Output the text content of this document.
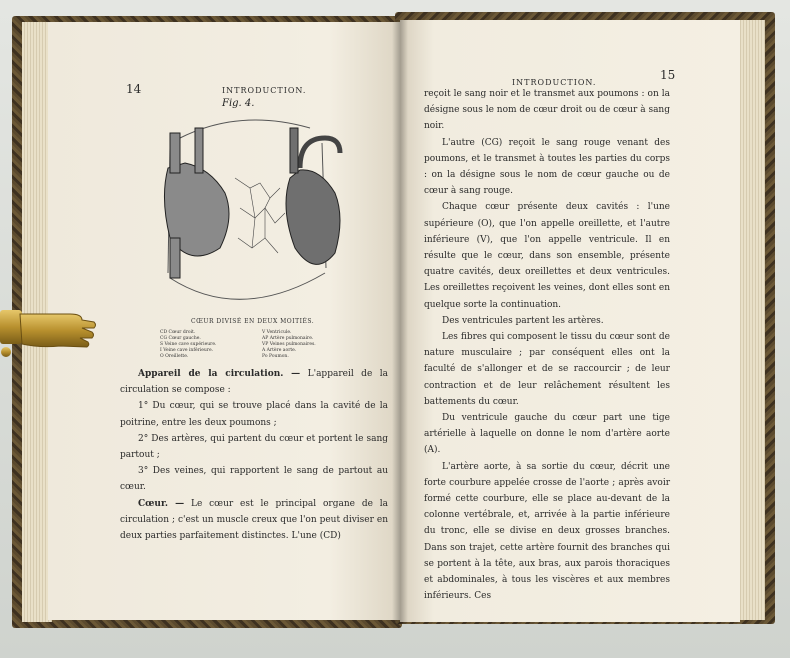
14	INTRODUCTION.
Fig. 4.
CŒUR DIVISÉ EN DEUX MOITIÉS.
CD Cœur droit.
CG Cœur gauche.
S Veine cave supérieure.
I Veine cave inférieure.
O Oreillette.
V Ventricule.
AP Artère pulmonaire.
VP Veines pulmonaires.
A Artère aorte.
Po Poumon.

Appareil de la circulation. — L'appareil de la circulation se compose :

1° Du cœur, qui se trouve placé dans la cavité de la poitrine, entre les deux poumons ;

2° Des artères, qui partent du cœur et portent le sang partout ;

3° Des veines, qui rapportent le sang de partout au cœur.

Cœur. — Le cœur est le principal organe de la circulation ; c'est un muscle creux que l'on peut diviser en deux parties parfaitement distinctes. L'une (CD)

INTRODUCTION.
15

reçoit le sang noir et le transmet aux poumons : on la désigne sous le nom de cœur droit ou de cœur à sang noir.

L'autre (CG) reçoit le sang rouge venant des poumons, et le transmet à toutes les parties du corps : on la désigne sous le nom de cœur gauche ou de cœur à sang rouge.

Chaque cœur présente deux cavités : l'une supérieure (O), que l'on appelle oreillette, et l'autre inférieure (V), que l'on appelle ventricule. Il en résulte que le cœur, dans son ensemble, présente quatre cavités, deux oreillettes et deux ventricules. Les oreillettes reçoivent les veines, dont elles sont en quelque sorte la continuation.

Des ventricules partent les artères.

Les fibres qui composent le tissu du cœur sont de nature musculaire ; par conséquent elles ont la faculté de s'allonger et de se raccourcir ; de leur contraction et de leur relâchement résultent les battements du cœur.

Du ventricule gauche du cœur part une tige artérielle à laquelle on donne le nom d'artère aorte (A).

L'artère aorte, à sa sortie du cœur, décrit une forte courbure appelée crosse de l'aorte ; après avoir formé cette courbure, elle se place au-devant de la colonne vertébrale, et, arrivée à la partie inférieure du tronc, elle se divise en deux grosses branches. Dans son trajet, cette artère fournit des branches qui se portent à la tête, aux bras, aux parois thoraciques et abdominales, à tous les viscères et aux membres inférieurs. Ces
